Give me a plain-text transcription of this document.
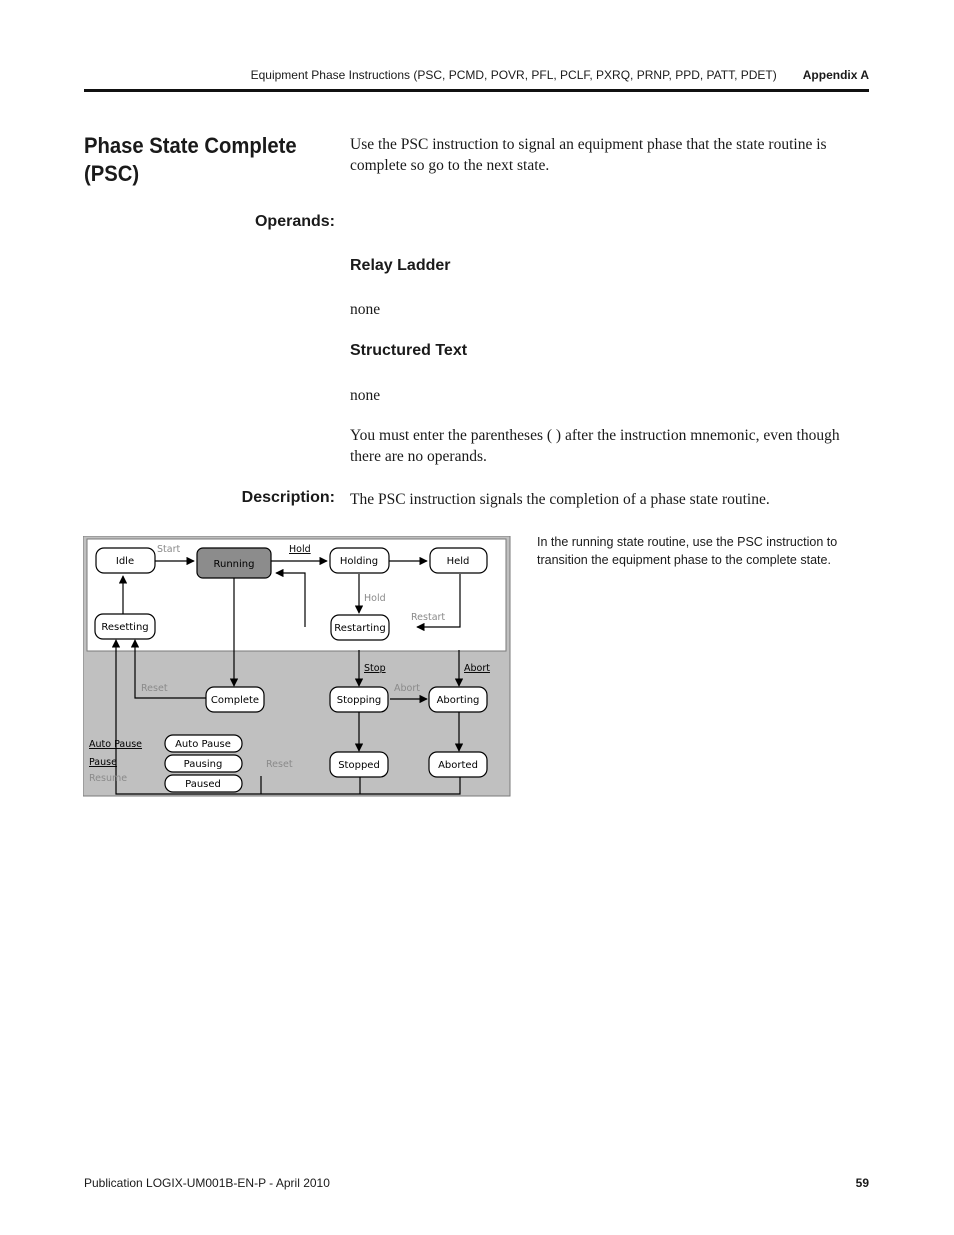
Equipment Phase Instructions (PSC, PCMD, POVR, PFL, PCLF, PXRQ, PRNP, PPD, PATT, PDET) Appendix A
Phase State Complete (PSC)
Use the PSC instruction to signal an equipment phase that the state routine is complete so go to the next state.
Operands:
Relay Ladder
none
Structured Text
none
You must enter the parentheses ( ) after the instruction mnemonic, even though there are no operands.
Description: The PSC instruction signals the completion of a phase state routine.
Idle	Running	Holding	Held
Resetting	Restarting
Complete	Stopping	Aborting
Stopped	Aborted
Auto Pause
Pausing
Paused
Start	Hold
Hold
Restart
Stop	Abort
Abort
Reset
Reset
Auto Pause
Pause
Resume
In the running state routine, use the PSC instruction to transition the equipment phase to the complete state.
Publication LOGIX-UM001B-EN-P - April 2010	59
